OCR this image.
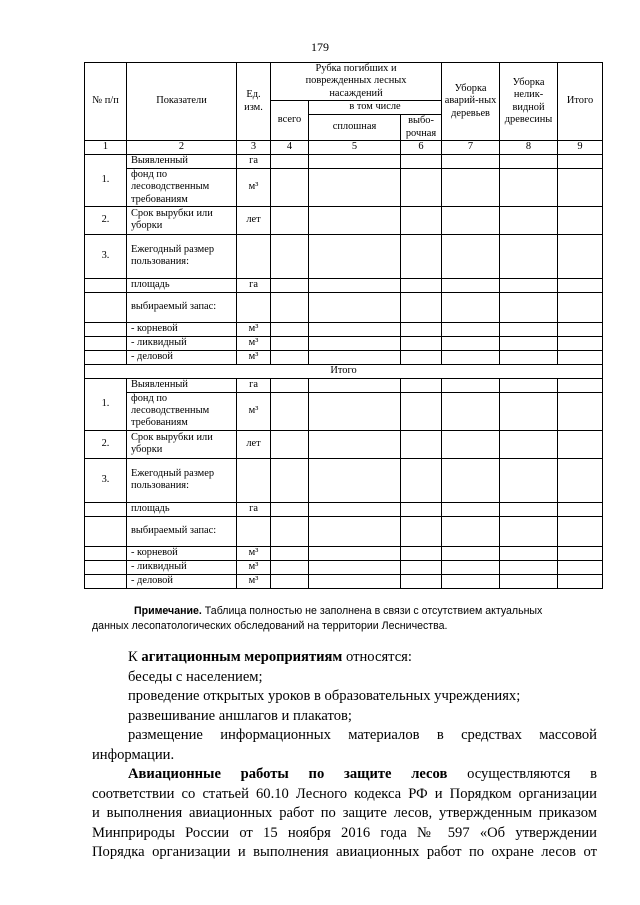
179
№ п/п	Показатели	Ед. изм.	Рубка погибших и поврежденных лесных насаждений			Уборка аварий-ных деревьев	Уборка нелик-видной древесины	Итого

			всего	в том числе				
				сплошная	выбо-рочная			
1	2	3	4	5	6	7	8	9
1.	Выявленный	га						
	фонд по лесоводственным требованиям	м³						
2.	Срок вырубки или уборки	лет						
3.	Ежегодный размер пользования:							
	площадь	га						
	выбираемый запас:							
	- корневой	м³						
	- ликвидный	м³						
	- деловой	м³						
Итого								
1.	Выявленный	га						
	фонд по лесоводственным требованиям	м³						
2.	Срок вырубки или уборки	лет						
3.	Ежегодный размер пользования:							
	площадь	га						
	выбираемый запас:							
	- корневой	м³						
	- ликвидный	м³						
	- деловой	м³						
Примечание. Таблица полностью не заполнена в связи с отсутствием актуальных
данных лесопатологических обследований на территории Лесничества.

К агитационным мероприятиям относятся:

беседы с населением;

проведение открытых уроков в образовательных учреждениях;

развешивание аншлагов и плакатов;

размещение информационных материалов в средствах массовой

информации.

Авиационные работы по защите лесов осуществляются в

соответствии со статьей 60.10 Лесного кодекса РФ и Порядком организации

и выполнения авиационных работ по защите лесов, утвержденным приказом

Минприроды России от 15 ноября 2016 года № 597 «Об утверждении

Порядка организации и выполнения авиационных работ по охране лесов от
